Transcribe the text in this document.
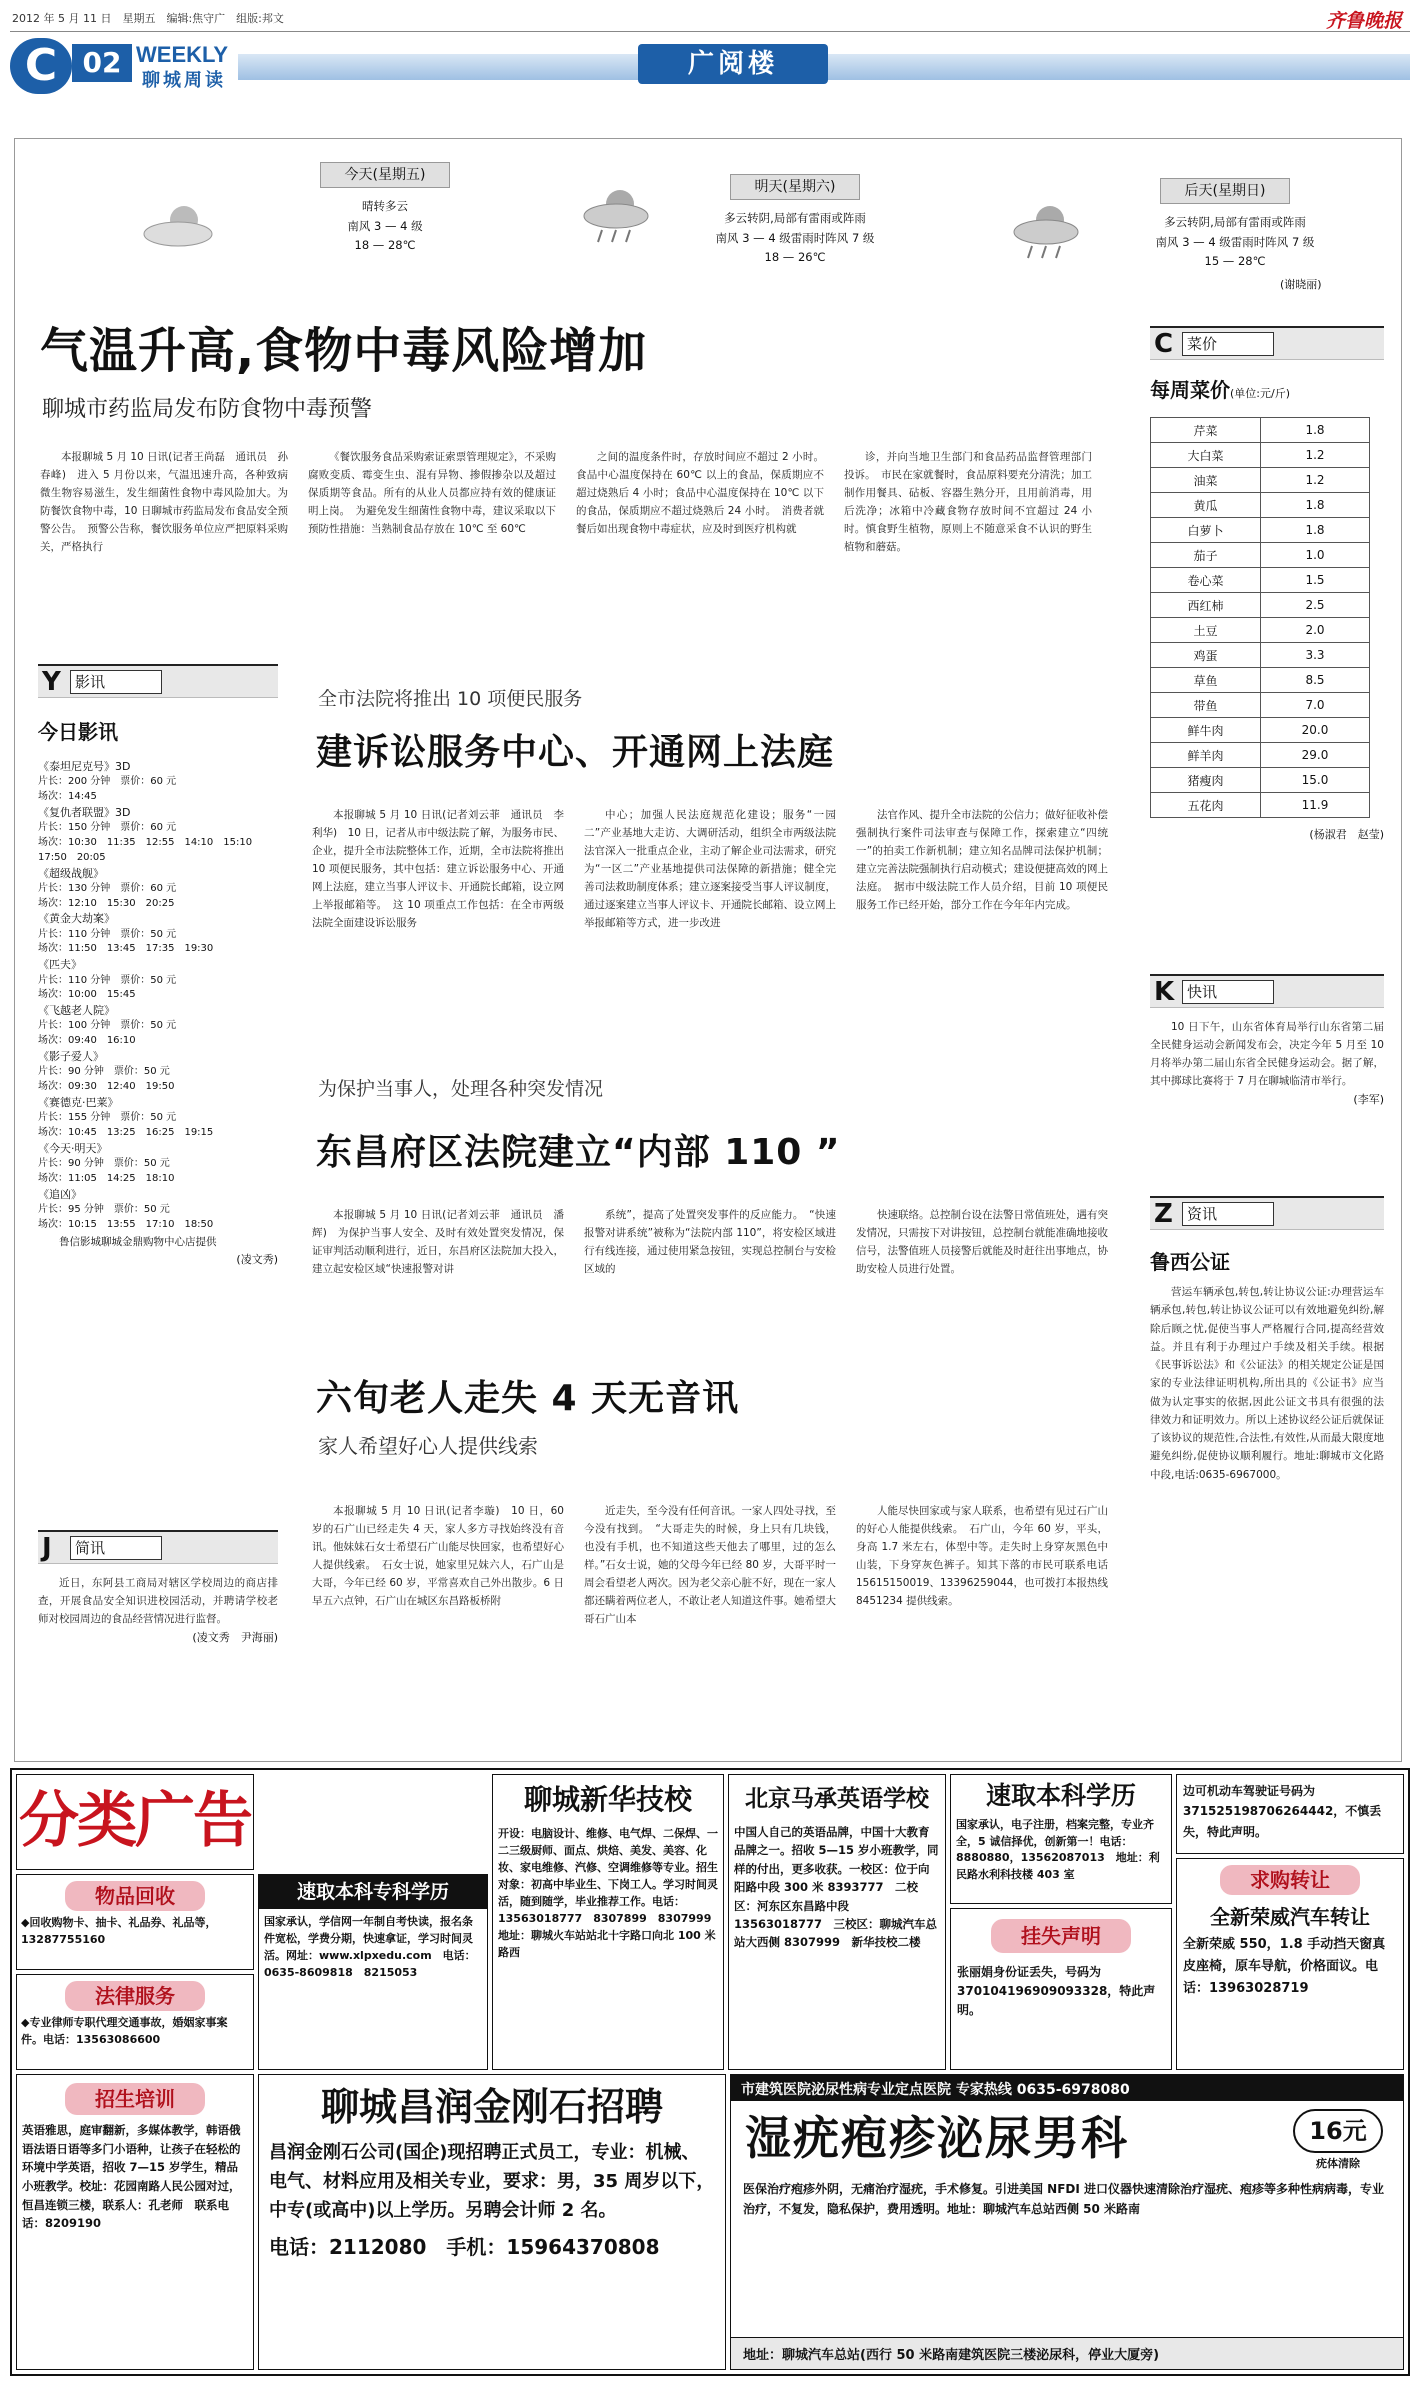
2012 年 5 月 11 日　星期五　编辑:焦守广　组版:邦文	齐鲁晚报
C 02 WEEKLY
聊城周读
广阅楼
今天(星期五)
晴转多云
南风 3 — 4 级
18 — 28℃
明天(星期六)
多云转阴,局部有雷雨或阵雨
南风 3 — 4 级雷雨时阵风 7 级
18 — 26℃
后天(星期日)
多云转阴,局部有雷雨或阵雨
南风 3 — 4 级雷雨时阵风 7 级
15 — 28℃
(谢晓丽)
气温升高,食物中毒风险增加
聊城市药监局发布防食物中毒预警

本报聊城 5 月 10 日讯(记者王尚磊　通讯员　孙春峰)　进入 5 月份以来，气温迅速升高，各种致病微生物容易滋生，发生细菌性食物中毒风险加大。为防餐饮食物中毒，10 日聊城市药监局发布食品安全预警公告。　预警公告称，餐饮服务单位应严把原料采购关，严格执行

《餐饮服务食品采购索证索票管理规定》，不采购腐败变质、霉变生虫、混有异物、掺假掺杂以及超过保质期等食品。所有的从业人员都应持有效的健康证明上岗。　为避免发生细菌性食物中毒，建议采取以下预防性措施：当熟制食品存放在 10℃ 至 60℃

之间的温度条件时，存放时间应不超过 2 小时。食品中心温度保持在 60℃ 以上的食品，保质期应不超过烧熟后 4 小时；食品中心温度保持在 10℃ 以下的食品，保质期应不超过烧熟后 24 小时。　消费者就餐后如出现食物中毒症状，应及时到医疗机构就

诊，并向当地卫生部门和食品药品监督管理部门投诉。　市民在家就餐时，食品原料要充分清洗；加工制作用餐具、砧板、容器生熟分开，且用前消毒，用后洗净；冰箱中冷藏食物存放时间不宜超过 24 小时。慎食野生植物，原则上不随意采食不认识的野生植物和蘑菇。

C 菜价
每周菜价(单位:元/斤)
芹菜	1.8
大白菜	1.2
油菜	1.2
黄瓜	1.8
白萝卜	1.8
茄子	1.0
卷心菜	1.5
西红柿	2.5
土豆	2.0
鸡蛋	3.3
草鱼	8.5
带鱼	7.0
鲜牛肉	20.0
鲜羊肉	29.0
猪瘦肉	15.0
五花肉	11.9
(杨淑君　赵莹)
Y 影讯
今日影讯
《泰坦尼克号》3D
片长：200 分钟　票价：60 元
场次：14:45
《复仇者联盟》3D
片长：150 分钟　票价：60 元
场次：10:30　11:35　12:55　14:10　15:10　17:50　20:05
《超级战舰》
片长：130 分钟　票价：60 元
场次：12:10　15:30　20:25
《黄金大劫案》
片长：110 分钟　票价：50 元
场次：11:50　13:45　17:35　19:30
《匹夫》
片长：110 分钟　票价：50 元
场次：10:00　15:45
《飞越老人院》
片长：100 分钟　票价：50 元
场次：09:40　16:10
《影子爱人》
片长：90 分钟　票价：50 元
场次：09:30　12:40　19:50
《赛德克·巴莱》
片长：155 分钟　票价：50 元
场次：10:45　13:25　16:25　19:15
《今天·明天》
片长：90 分钟　票价：50 元
场次：11:05　14:25　18:10
《追凶》
片长：95 分钟　票价：50 元
场次：10:15　13:55　17:10　18:50
鲁信影城聊城金鼎购物中心店提供
(凌文秀)
J	简讯

近日，东阿县工商局对辖区学校周边的商店排查，开展食品安全知识进校园活动，并聘请学校老师对校园周边的食品经营情况进行监督。

(凌文秀　尹海丽)
全市法院将推出 10 项便民服务
建诉讼服务中心、开通网上法庭

本报聊城 5 月 10 日讯(记者刘云菲　通讯员　李利华)　10 日，记者从市中级法院了解，为服务市民、企业，提升全市法院整体工作，近期，全市法院将推出 10 项便民服务，其中包括：建立诉讼服务中心、开通网上法庭，建立当事人评议卡、开通院长邮箱，设立网上举报邮箱等。　这 10 项重点工作包括：在全市两级法院全面建设诉讼服务

中心；加强人民法庭规范化建设；服务“一园二”产业基地大走访、大调研活动，组织全市两级法院法官深入一批重点企业，主动了解企业司法需求，研究为“一区二”产业基地提供司法保障的新措施；健全完善司法救助制度体系；建立逐案接受当事人评议制度，通过逐案建立当事人评议卡、开通院长邮箱、设立网上举报邮箱等方式，进一步改进

法官作风、提升全市法院的公信力；做好征收补偿强制执行案件司法审查与保障工作，探索建立“四统一”的拍卖工作新机制；建立知名品牌司法保护机制；建立完善法院强制执行启动模式；建设便捷高效的网上法庭。　据市中级法院工作人员介绍，目前 10 项便民服务工作已经开始，部分工作在今年年内完成。

为保护当事人，处理各种突发情况
东昌府区法院建立“内部 110 ”

本报聊城 5 月 10 日讯(记者刘云菲　通讯员　潘辉)　为保护当事人安全、及时有效处置突发情况，保证审判活动顺利进行，近日，东昌府区法院加大投入，建立起安检区域“快速报警对讲

系统”，提高了处置突发事件的反应能力。　“快速报警对讲系统”被称为“法院内部 110”，将安检区域进行有线连接，通过使用紧急按钮，实现总控制台与安检区域的

快速联络。总控制台设在法警日常值班处，遇有突发情况，只需按下对讲按钮，总控制台就能准确地接收信号，法警值班人员接警后就能及时赶往出事地点，协助安检人员进行处置。

六旬老人走失 4 天无音讯
家人希望好心人提供线索

本报聊城 5 月 10 日讯(记者李璇)　10 日，60 岁的石广山已经走失 4 天，家人多方寻找始终没有音讯。他妹妹石女士希望石广山能尽快回家，也希望好心人提供线索。　石女士说，她家里兄妹六人，石广山是大哥，今年已经 60 岁，平常喜欢自己外出散步。6 日早五六点钟，石广山在城区东昌路板桥附

近走失，至今没有任何音讯。一家人四处寻找，至今没有找到。　“大哥走失的时候，身上只有几块钱，也没有手机，也不知道这些天他去了哪里，过的怎么样。”石女士说，她的父母今年已经 80 岁，大哥平时一周会看望老人两次。因为老父亲心脏不好，现在一家人都还瞒着两位老人，不敢让老人知道这件事。她希望大哥石广山本

人能尽快回家或与家人联系，也希望有见过石广山的好心人能提供线索。　石广山，今年 60 岁，平头，身高 1.7 米左右，体型中等。走失时上身穿灰黑色中山装，下身穿灰色裤子。知其下落的市民可联系电话 15615150019、13396259044，也可拨打本报热线 8451234 提供线索。

K 快讯

10 日下午，山东省体育局举行山东省第二届全民健身运动会新闻发布会，决定今年 5 月至 10 月将举办第二届山东省全民健身运动会。据了解，其中掷球比赛将于 7 月在聊城临清市举行。

(李军)
Z 资讯
鲁西公证

营运车辆承包,转包,转让协议公证:办理营运车辆承包,转包,转让协议公证可以有效地避免纠纷,解除后顾之忧,促使当事人严格履行合同,提高经营效益。并且有利于办理过户手续及相关手续。根据《民事诉讼法》和《公证法》的相关规定公证是国家的专业法律证明机构,所出具的《公证书》应当做为认定事实的依据,因此公证文书具有很强的法律效力和证明效力。所以上述协议经公证后就保证了该协议的规范性,合法性,有效性,从而最大限度地避免纠纷,促使协议顺利履行。地址:聊城市文化路中段,电话:0635-6967000。

分类广告
物品回收
◆回收购物卡、抽卡、礼品券、礼品等，13287755160
法律服务
◆专业律师专职代理交通事故，婚姻家事案件。电话：13563086600
招生培训
英语雅思，庭审翻新，多媒体教学，韩语俄语法语日语等多门小语种，让孩子在轻松的环境中学英语，招收 7—15 岁学生，精品小班教学。校址：花园南路人民公园对过，恒昌连锁三楼，联系人：孔老师　联系电话：8209190
速取本科专科学历
国家承认，学信网一年制自考快读，报名条件宽松，学费分期，快速拿证，学习时间灵活。网址：www.xlpxedu.com　电话：0635-8609818　8215053
聊城新华技校
开设：电脑设计、维修、电气焊、二保焊、一二三级厨师、面点、烘焙、美发、美容、化妆、家电维修、汽修、空调维修等专业。招生对象：初高中毕业生、下岗工人。学习时间灵活，随到随学，毕业推荐工作。电话：13563018777　8307899　8307999　地址：聊城火车站站北十字路口向北 100 米路西
北京马承英语学校
中国人自己的英语品牌，中国十大教育品牌之一。招收 5—15 岁小班教学，同样的付出，更多收获。一校区：位于向阳路中段 300 米 8393777　二校区：河东区东昌路中段 13563018777　三校区：聊城汽车总站大西侧 8307999　新华技校二楼
速取本科学历
国家承认，电子注册，档案完整，专业齐全，5 诚信择优，创新第一！电话：8880880，13562087013　地址：利民路水利科技楼 403 室
挂失声明
张丽娟身份证丢失，号码为 370104196909093328，特此声明。
边可机动车驾驶证号码为 371525198706264442，不慎丢失，特此声明。
求购转让
全新荣威汽车转让
全新荣威 550，1.8 手动挡天窗真皮座椅，原车导航，价格面议。电话：13963028719
聊城昌润金刚石招聘
昌润金刚石公司(国企)现招聘正式员工，专业：机械、电气、材料应用及相关专业，要求：男，35 周岁以下，中专(或高中)以上学历。另聘会计师 2 名。
电话：2112080　手机：15964370808
市建筑医院泌尿性病专业定点医院 专家热线 0635-6978080
湿疣疱疹泌尿男科	16元
疣体清除
医保治疗疱疹外阴，无痛治疗湿疣，手术修复。引进美国 NFDI 进口仪器快速清除治疗湿疣、疱疹等多种性病病毒，专业治疗，不复发，隐私保护，费用透明。地址：聊城汽车总站西侧 50 米路南
地址：聊城汽车总站(西行 50 米路南建筑医院三楼泌尿科，停业大厦旁)
